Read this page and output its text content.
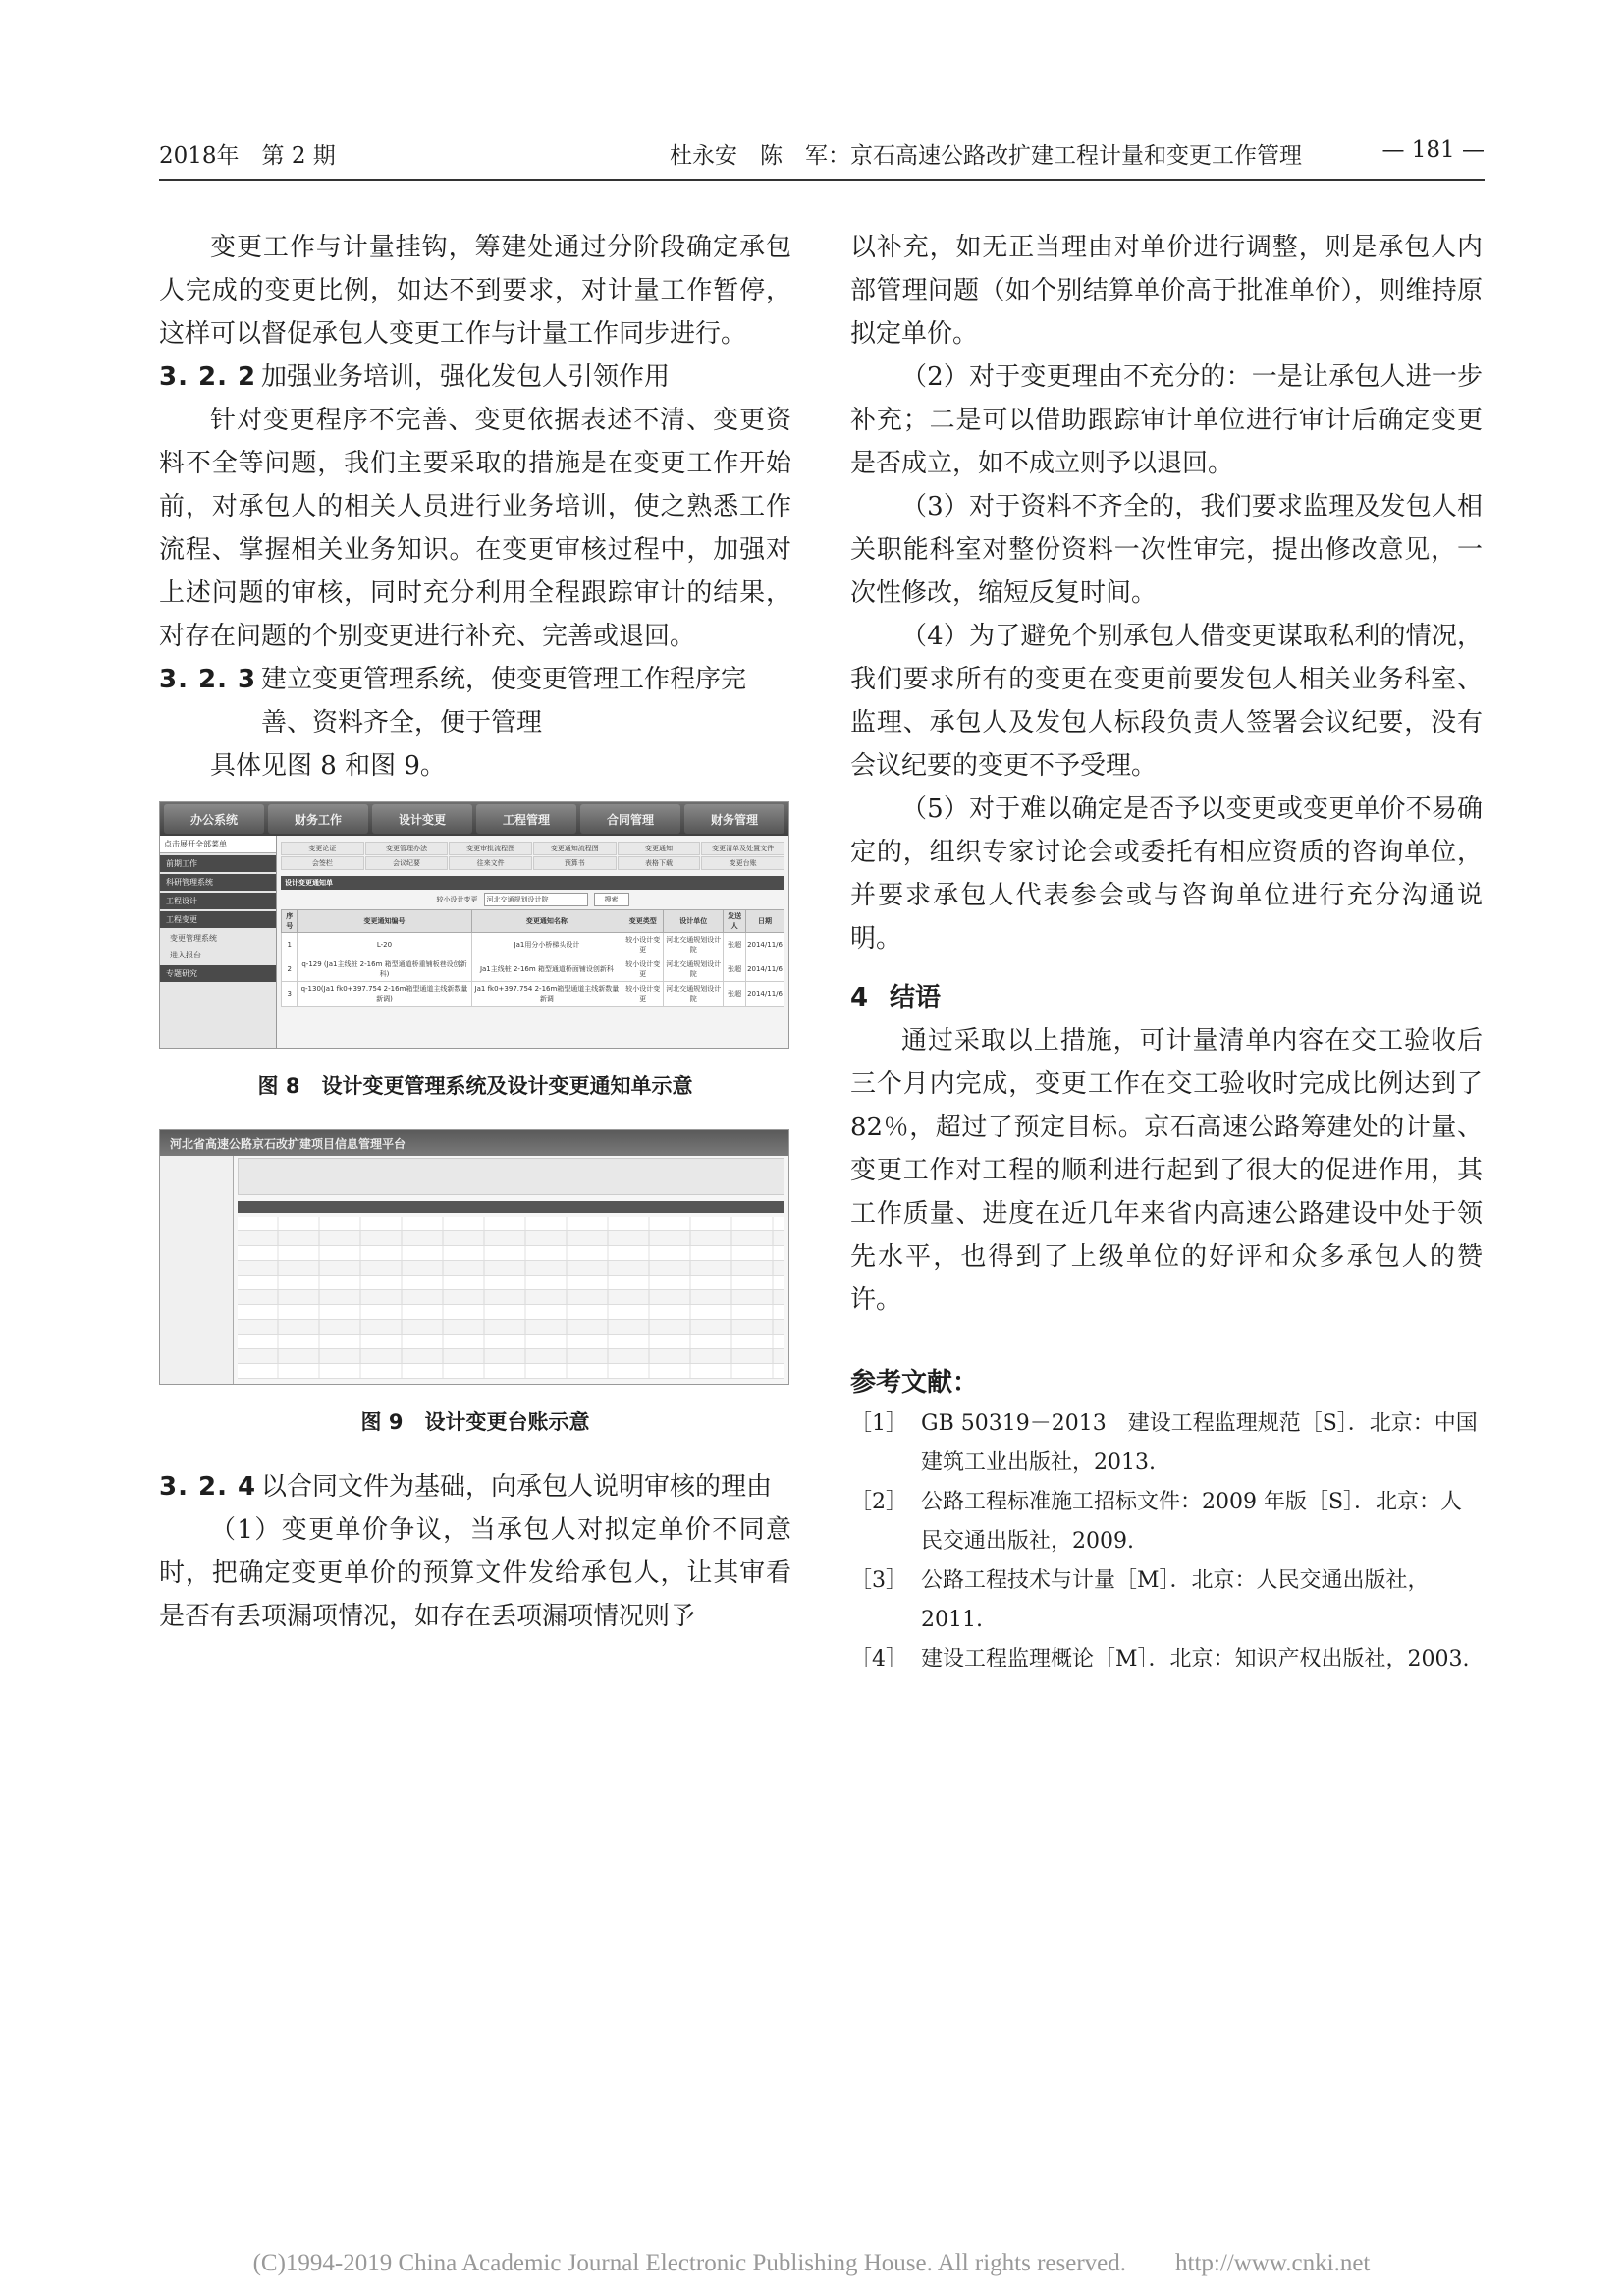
2018年　第 2 期	杜永安　陈　军：京石高速公路改扩建工程计量和变更工作管理	— 181 —

变更工作与计量挂钩，筹建处通过分阶段确定承包人完成的变更比例，如达不到要求，对计量工作暂停，这样可以督促承包人变更工作与计量工作同步进行。

3. 2. 2 加强业务培训，强化发包人引领作用

针对变更程序不完善、变更依据表述不清、变更资料不全等问题，我们主要采取的措施是在变更工作开始前，对承包人的相关人员进行业务培训，使之熟悉工作流程、掌握相关业务知识。在变更审核过程中，加强对上述问题的审核，同时充分利用全程跟踪审计的结果，对存在问题的个别变更进行补充、完善或退回。

3. 2. 3 建立变更管理系统，使变更管理工作程序完善、资料齐全，便于管理

具体见图 8 和图 9。

办公系统	财务工作	设计变更	工程管理	合同管理	财务管理
点击展开全部菜单
前期工作
科研管理系统
工程设计
工程变更
变更管理系统
进入报台
专题研究
变更论证	变更管理办法	变更审批流程图	变更通知流程图	变更通知	变更清单及处置文件
会签栏	会议纪要	往来文件	预算书	表格下载	变更台账
设计变更通知单
较小设计变更	河北交通规划设计院	搜索
序号	变更通知编号	变更通知名称	变更类型	设计单位	发送人	日期
1	L-20	Ja1用分小桥梯头设计	较小设计变更	河北交通规划设计院	张超	2014/11/6
2	q-129 (Ja1主线桩 2-16m 箱型通道桥重铺板巷设创新科)	Ja1主线桩 2-16m 箱型通道桥面铺设创新科	较小设计变更	河北交通规划设计院	张超	2014/11/6
3	q-130(Ja1 fk0+397.754 2-16m箱型通道主线新数量新调)	Ja1 fk0+397.754 2-16m箱型通道主线新数量新调	较小设计变更	河北交通规划设计院	张超	2014/11/6
图 8 设计变更管理系统及设计变更通知单示意
河北省高速公路京石改扩建项目信息管理平台
图 9 设计变更台账示意
3. 2. 4 以合同文件为基础，向承包人说明审核的理由

（1）变更单价争议，当承包人对拟定单价不同意时，把确定变更单价的预算文件发给承包人，让其审看是否有丢项漏项情况，如存在丢项漏项情况则予

以补充，如无正当理由对单价进行调整，则是承包人内部管理问题（如个别结算单价高于批准单价），则维持原拟定单价。

（2）对于变更理由不充分的：一是让承包人进一步补充；二是可以借助跟踪审计单位进行审计后确定变更是否成立，如不成立则予以退回。

（3）对于资料不齐全的，我们要求监理及发包人相关职能科室对整份资料一次性审完，提出修改意见，一次性修改，缩短反复时间。

（4）为了避免个别承包人借变更谋取私利的情况，我们要求所有的变更在变更前要发包人相关业务科室、监理、承包人及发包人标段负责人签署会议纪要，没有会议纪要的变更不予受理。

（5）对于难以确定是否予以变更或变更单价不易确定的，组织专家讨论会或委托有相应资质的咨询单位，并要求承包人代表参会或与咨询单位进行充分沟通说明。

4 结语

通过采取以上措施，可计量清单内容在交工验收后三个月内完成，变更工作在交工验收时完成比例达到了 82％，超过了预定目标。京石高速公路筹建处的计量、变更工作对工程的顺利进行起到了很大的促进作用，其工作质量、进度在近几年来省内高速公路建设中处于领先水平，也得到了上级单位的好评和众多承包人的赞许。

参考文献：
［1］ GB 50319－2013　建设工程监理规范［S］．北京：中国建筑工业出版社，2013.
［2］ 公路工程标准施工招标文件：2009 年版［S］．北京：人民交通出版社，2009.
［3］ 公路工程技术与计量［M］．北京：人民交通出版社，2011.
［4］ 建设工程监理概论［M］．北京：知识产权出版社，2003.
(C)1994-2019 China Academic Journal Electronic Publishing House. All rights reserved.　　http://www.cnki.net
